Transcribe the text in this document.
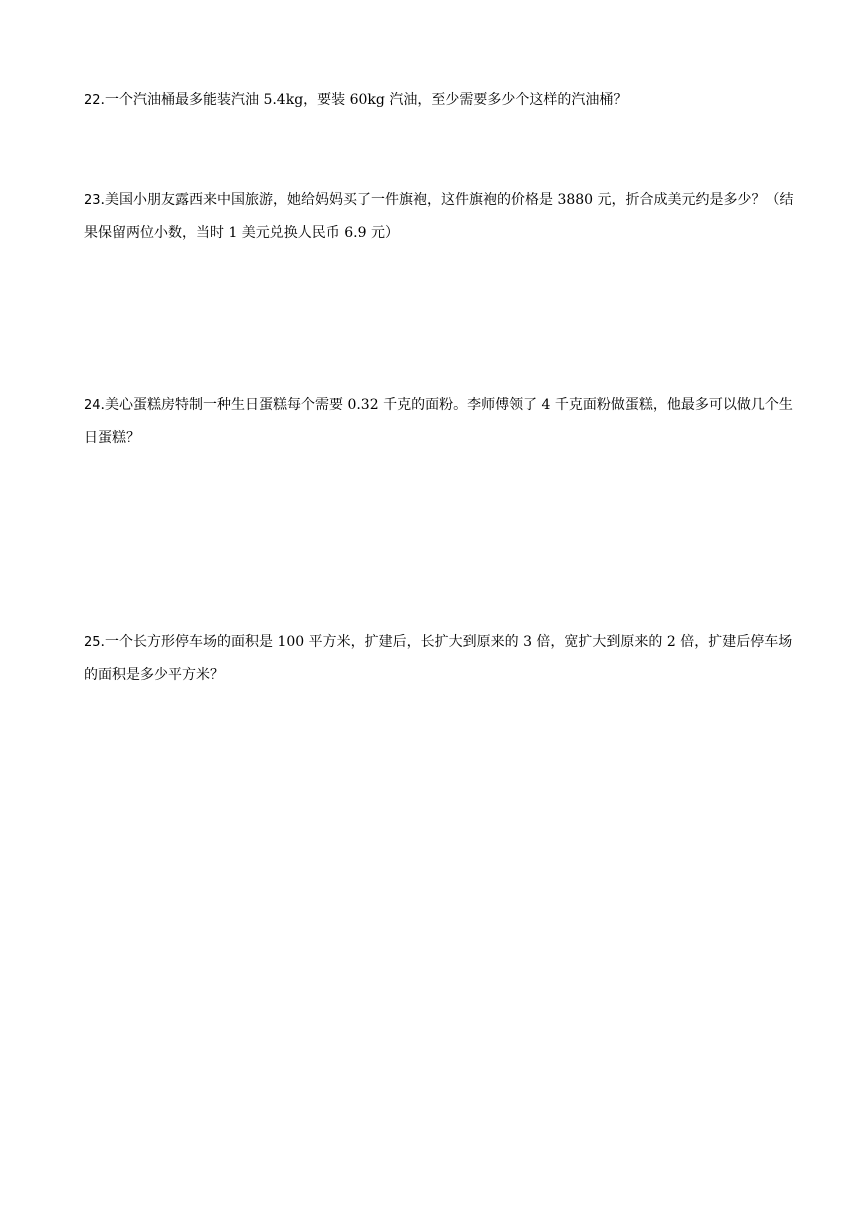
22.一个汽油桶最多能装汽油 5.4kg，要装 60kg 汽油，至少需要多少个这样的汽油桶？
23.美国小朋友露西来中国旅游，她给妈妈买了一件旗袍，这件旗袍的价格是 3880 元，折合成美元约是多少？（结果保留两位小数，当时 1 美元兑换人民币 6.9 元）
24.美心蛋糕房特制一种生日蛋糕每个需要 0.32 千克的面粉。李师傅领了 4 千克面粉做蛋糕，他最多可以做几个生日蛋糕？
25.一个长方形停车场的面积是 100 平方米，扩建后，长扩大到原来的 3 倍，宽扩大到原来的 2 倍，扩建后停车场的面积是多少平方米？
